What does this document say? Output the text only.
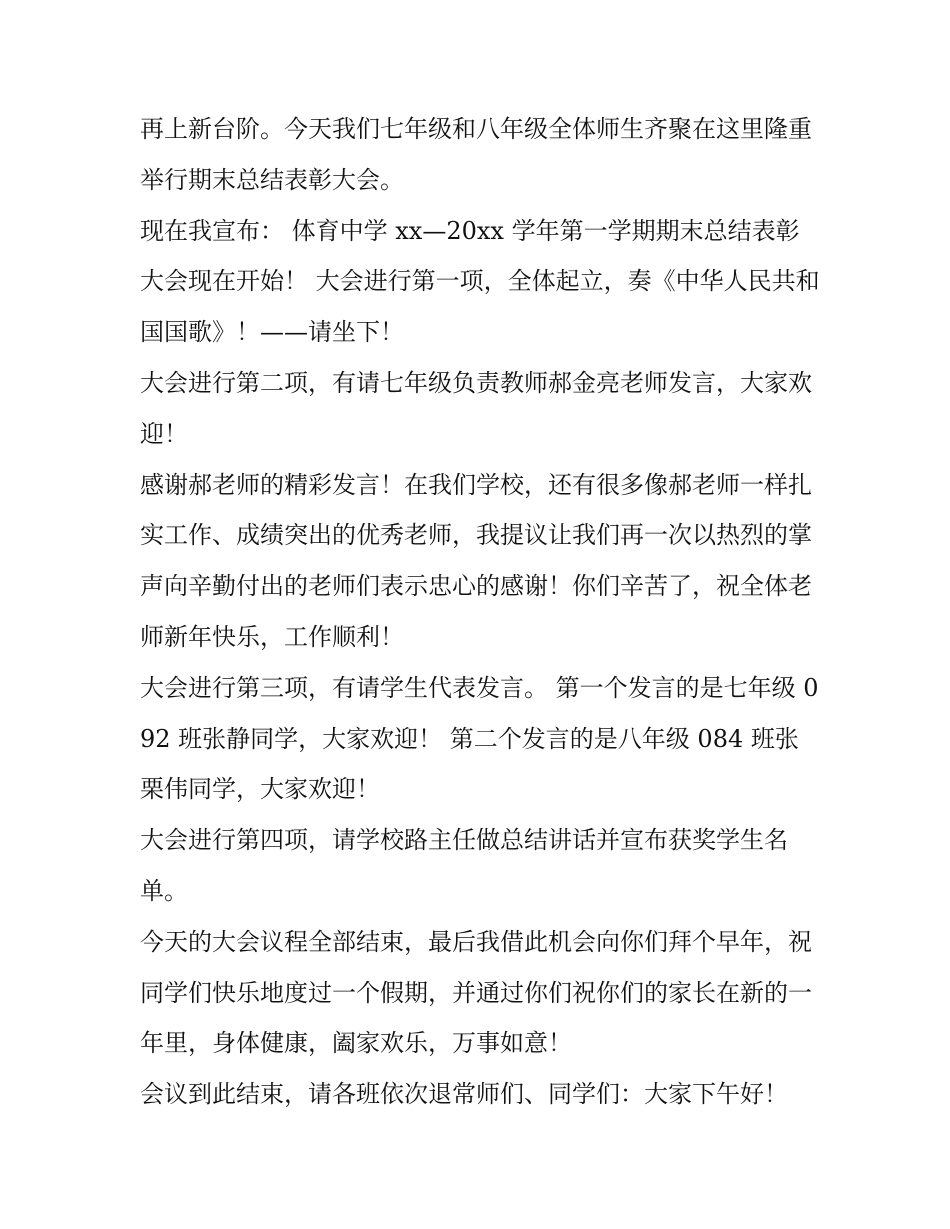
再上新台阶。今天我们七年级和八年级全体师生齐聚在这里隆重举行期末总结表彰大会。

现在我宣布： 体育中学 xx—20xx 学年第一学期期末总结表彰大会现在开始！ 大会进行第一项，全体起立，奏《中华人民共和国国歌》！——请坐下！

大会进行第二项，有请七年级负责教师郝金亮老师发言，大家欢迎！

感谢郝老师的精彩发言！在我们学校，还有很多像郝老师一样扎实工作、成绩突出的优秀老师，我提议让我们再一次以热烈的掌声向辛勤付出的老师们表示忠心的感谢！你们辛苦了，祝全体老师新年快乐，工作顺利！

大会进行第三项，有请学生代表发言。 第一个发言的是七年级 092 班张静同学，大家欢迎！ 第二个发言的是八年级 084 班张栗伟同学，大家欢迎！

大会进行第四项，请学校路主任做总结讲话并宣布获奖学生名单。

今天的大会议程全部结束，最后我借此机会向你们拜个早年，祝同学们快乐地度过一个假期，并通过你们祝你们的家长在新的一年里，身体健康，阖家欢乐，万事如意！

会议到此结束，请各班依次退常师们、同学们：大家下午好！
